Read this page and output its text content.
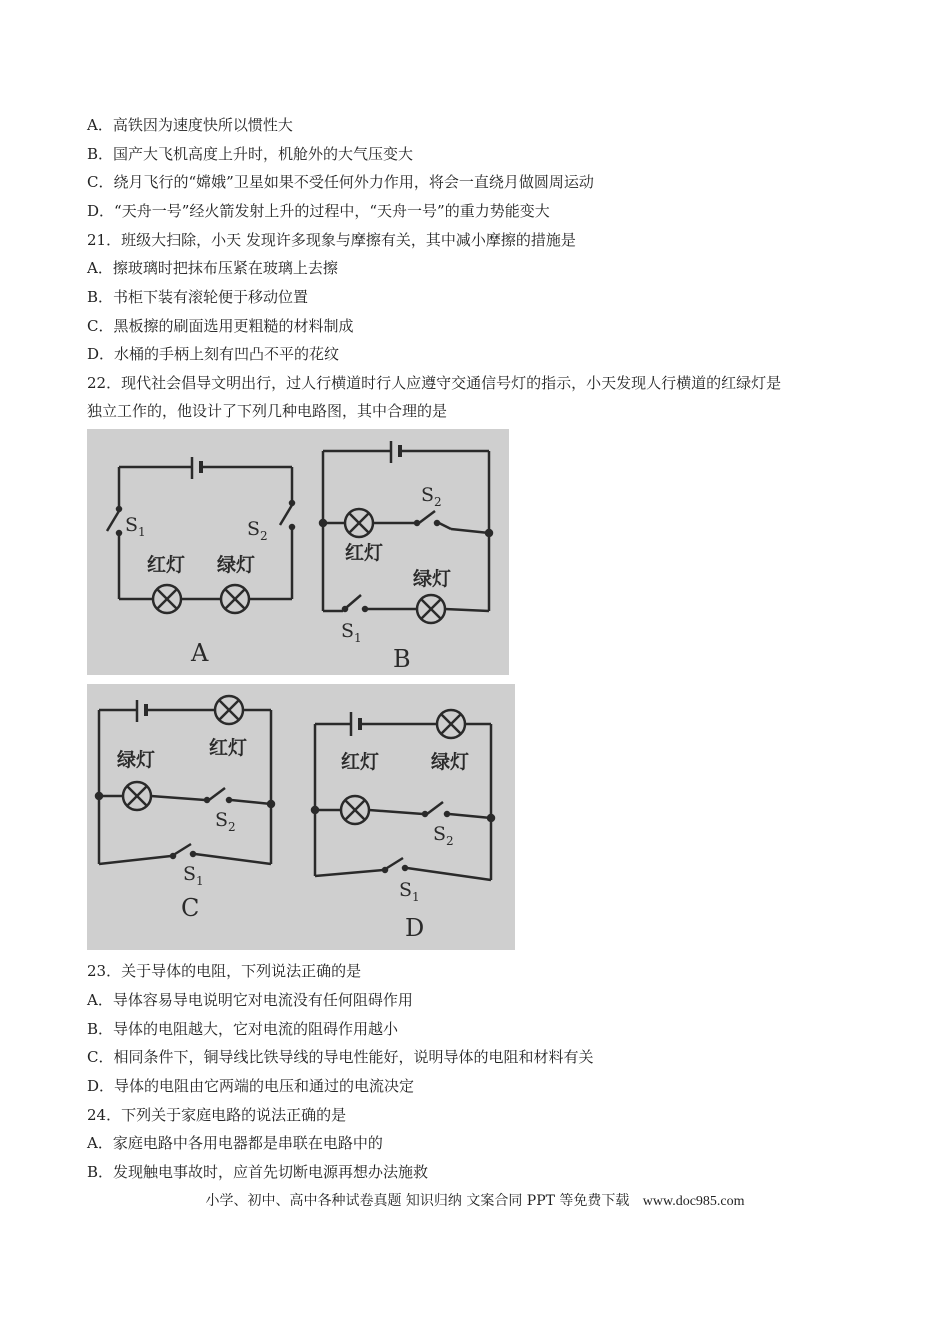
A．高铁因为速度快所以惯性大
B．国产大飞机高度上升时，机舱外的大气压变大
C．绕月飞行的“嫦娥”卫星如果不受任何外力作用，将会一直绕月做圆周运动
D．“天舟一号”经火箭发射上升的过程中，“天舟一号”的重力势能变大
21．班级大扫除，小天 发现许多现象与摩擦有关，其中减小摩擦的措施是
A．擦玻璃时把抹布压紧在玻璃上去擦
B．书柜下装有滚轮便于移动位置
C．黑板擦的刷面选用更粗糙的材料制成
D．水桶的手柄上刻有凹凸不平的花纹
22．现代社会倡导文明出行，过人行横道时行人应遵守交通信号灯的指示，小天发现人行横道的红绿灯是
独立工作的，他设计了下列几种电路图，其中合理的是
$S_1$	$S_2$
红灯 绿灯
A
$S_2$
红灯
绿灯
$S_1$
B
红灯
绿灯
$S_2$
$S_1$
C
红灯	绿灯
$S_2$
$S_1$
D
23．关于导体的电阻，下列说法正确的是
A．导体容易导电说明它对电流没有任何阻碍作用
B．导体的电阻越大，它对电流的阻碍作用越小
C．相同条件下，铜导线比铁导线的导电性能好，说明导体的电阻和材料有关
D．导体的电阻由它两端的电压和通过的电流决定
24．下列关于家庭电路的说法正确的是
A．家庭电路中各用电器都是串联在电路中的
B．发现触电事故时，应首先切断电源再想办法施救
小学、初中、高中各种试卷真题 知识归纳 文案合同 PPT 等免费下载 www.doc985.com
